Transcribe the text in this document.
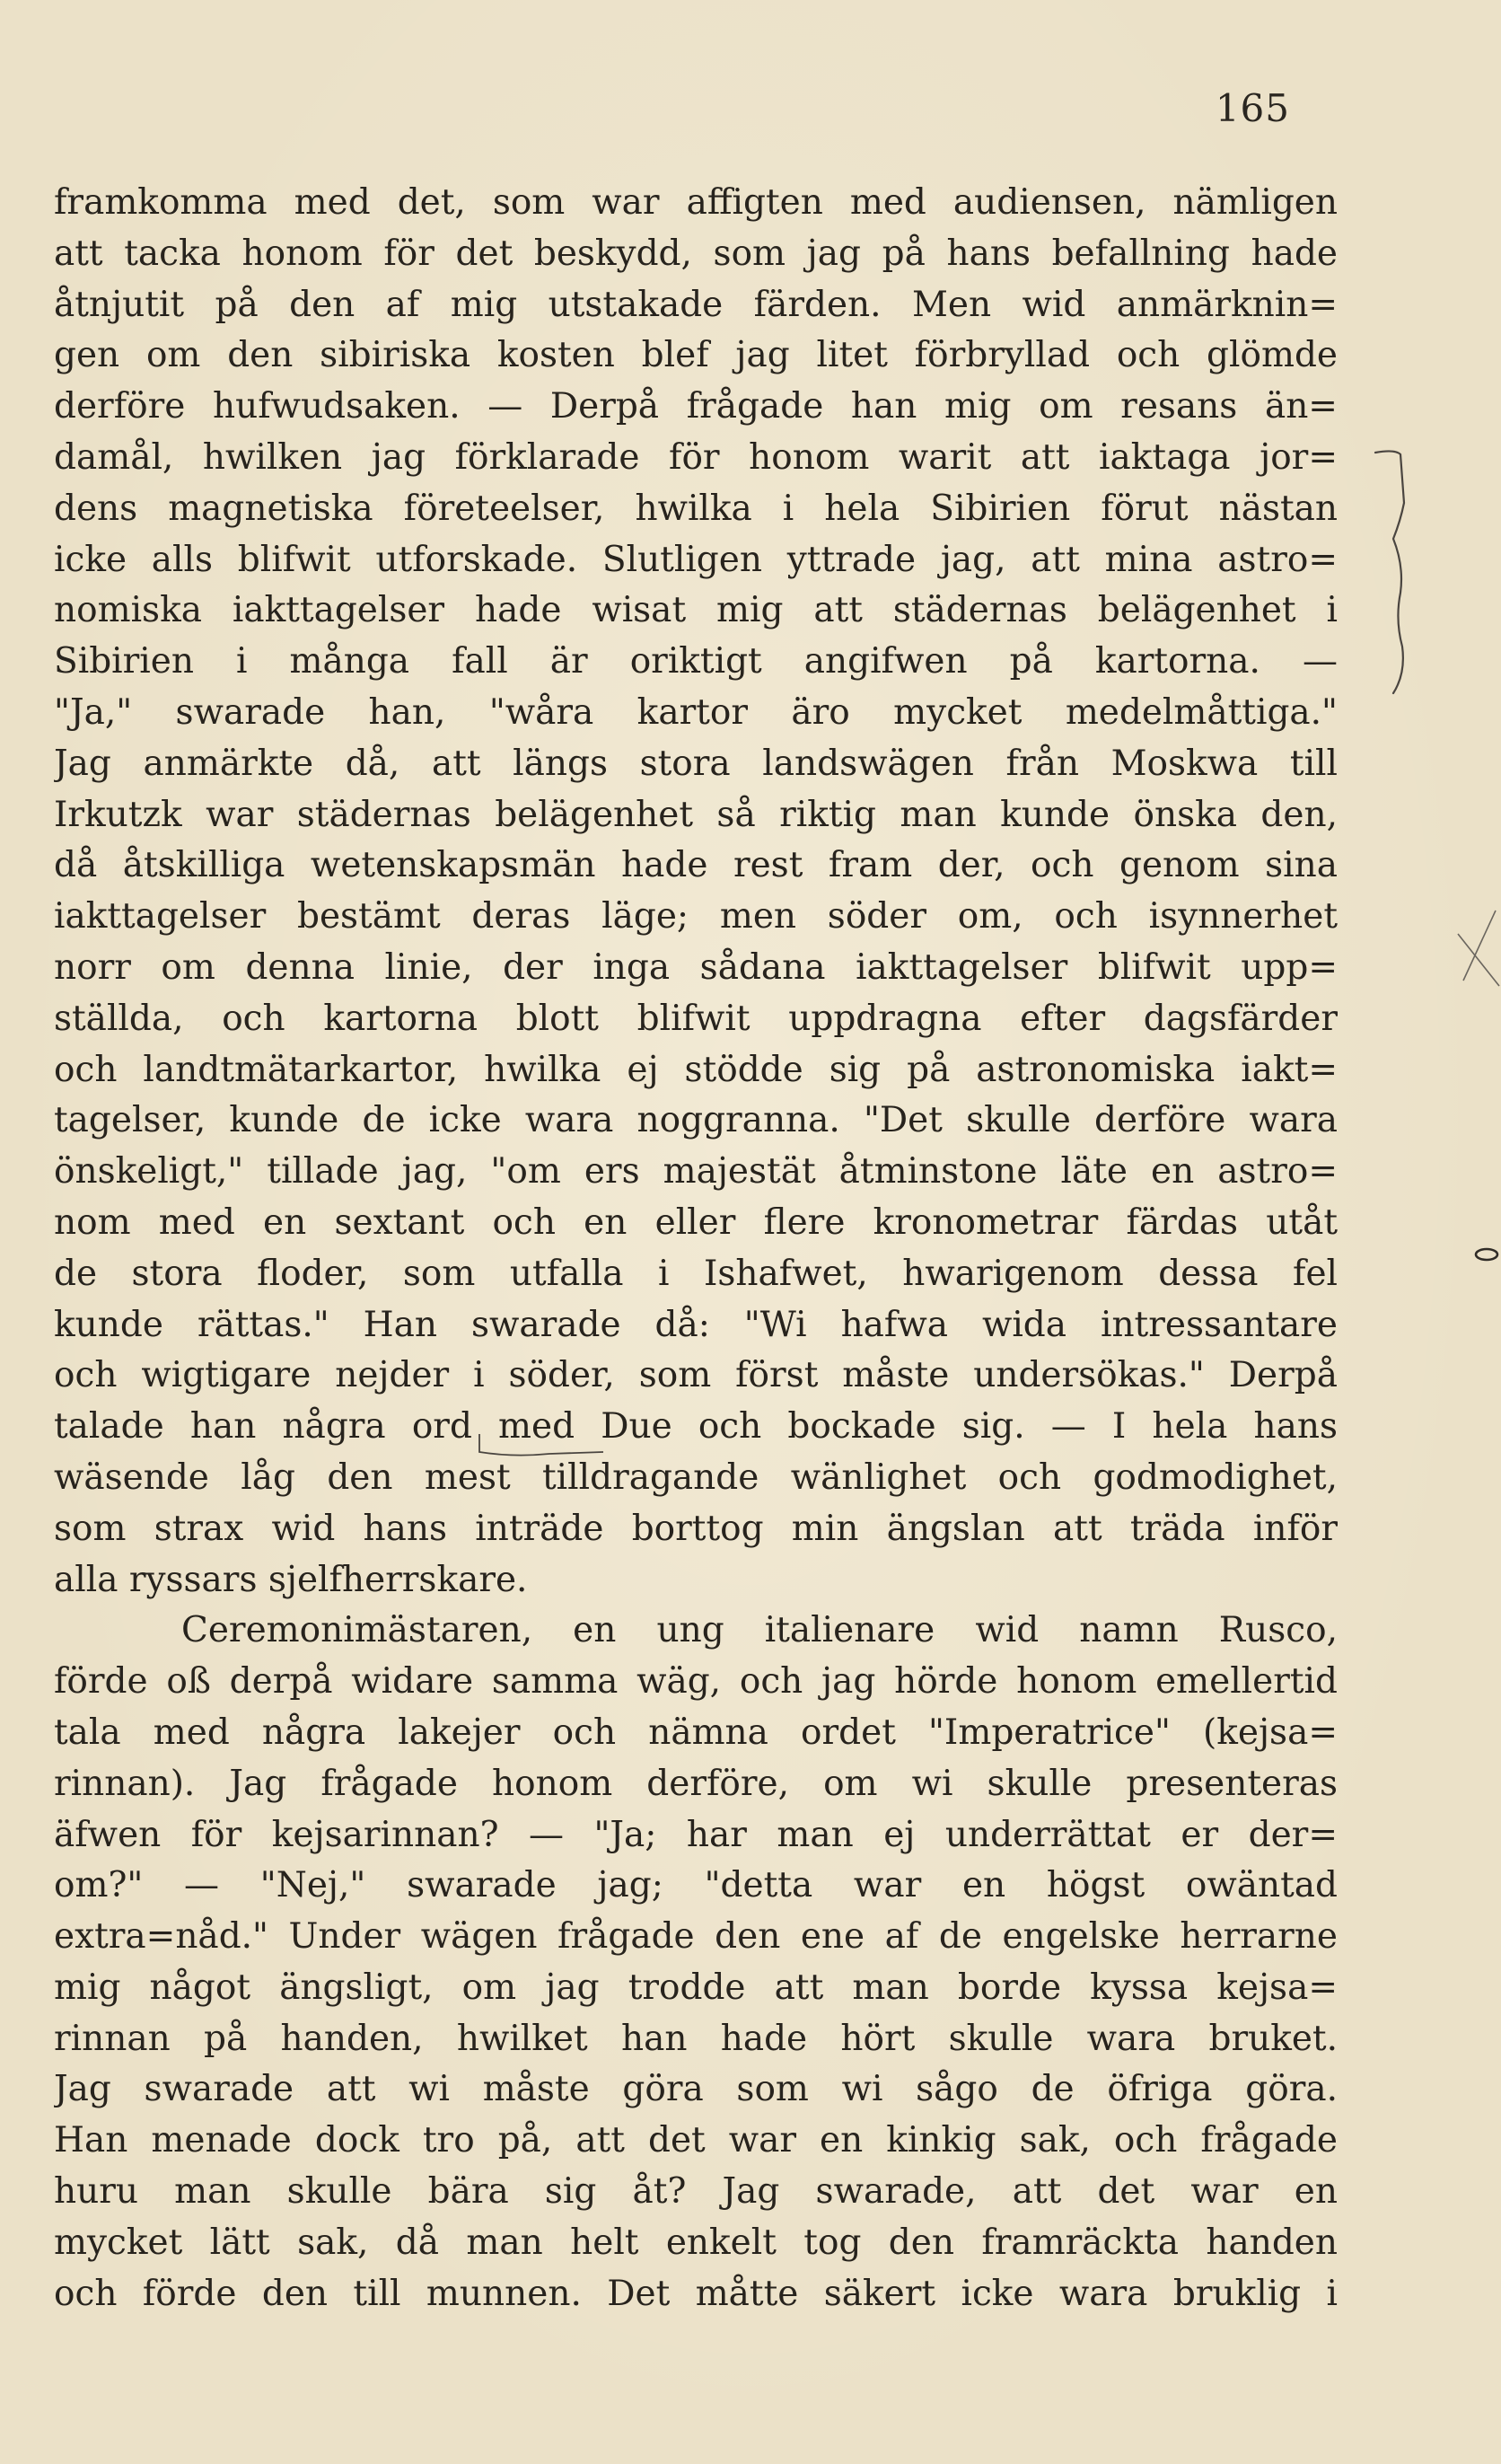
165
framkomma med det, som war affigten med audiensen, nämligen
att tacka honom för det beskydd, som jag på hans befallning hade
åtnjutit på den af mig utstakade färden. Men wid anmärknin=
gen om den sibiriska kosten blef jag litet förbryllad och glömde
derföre hufwudsaken. — Derpå frågade han mig om resans än=
damål, hwilken jag förklarade för honom warit att iaktaga jor=
dens magnetiska företeelser, hwilka i hela Sibirien förut nästan
icke alls blifwit utforskade. Slutligen yttrade jag, att mina astro=
nomiska iakttagelser hade wisat mig att städernas belägenhet i
Sibirien i många fall är oriktigt angifwen på kartorna. —
"Ja," swarade han, "wåra kartor äro mycket medelmåttiga."
Jag anmärkte då, att längs stora landswägen från Moskwa till
Irkutzk war städernas belägenhet så riktig man kunde önska den,
då åtskilliga wetenskapsmän hade rest fram der, och genom sina
iakttagelser bestämt deras läge; men söder om, och isynnerhet
norr om denna linie, der inga sådana iakttagelser blifwit upp=
ställda, och kartorna blott blifwit uppdragna efter dagsfärder
och landtmätarkartor, hwilka ej stödde sig på astronomiska iakt=
tagelser, kunde de icke wara noggranna. "Det skulle derföre wara
önskeligt," tillade jag, "om ers majestät åtminstone läte en astro=
nom med en sextant och en eller flere kronometrar färdas utåt
de stora floder, som utfalla i Ishafwet, hwarigenom dessa fel
kunde rättas." Han swarade då: "Wi hafwa wida intressantare
och wigtigare nejder i söder, som först måste undersökas." Derpå
talade han några ord med Due och bockade sig. — I hela hans
wäsende låg den mest tilldragande wänlighet och godmodighet,
som strax wid hans inträde borttog min ängslan att träda inför
alla ryssars sjelfherrskare.
Ceremonimästaren, en ung italienare wid namn Rusco,
förde oß derpå widare samma wäg, och jag hörde honom emellertid
tala med några lakejer och nämna ordet "Imperatrice" (kejsa=
rinnan). Jag frågade honom derföre, om wi skulle presenteras
äfwen för kejsarinnan? — "Ja; har man ej underrättat er der=
om?" — "Nej," swarade jag; "detta war en högst owäntad
extra=nåd." Under wägen frågade den ene af de engelske herrarne
mig något ängsligt, om jag trodde att man borde kyssa kejsa=
rinnan på handen, hwilket han hade hört skulle wara bruket.
Jag swarade att wi måste göra som wi sågo de öfriga göra.
Han menade dock tro på, att det war en kinkig sak, och frågade
huru man skulle bära sig åt? Jag swarade, att det war en
mycket lätt sak, då man helt enkelt tog den framräckta handen
och förde den till munnen. Det måtte säkert icke wara bruklig i
